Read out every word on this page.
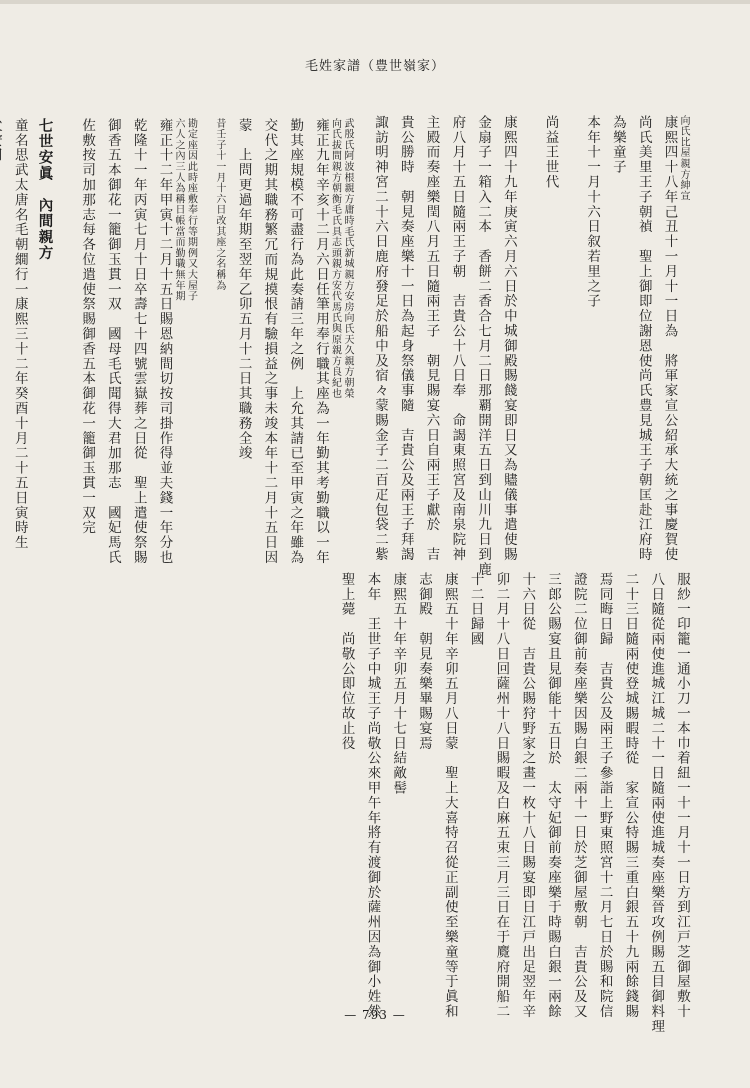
毛姓家譜（豊世嶺家）
向氏比屋親方紳宣
康熙四十八年己丑十一月十一日為　將軍家宣公紹承大統之事慶賀使
尚氏美里王子朝禎　聖上御即位謝恩使尚氏豊見城王子朝匡赴江府時
為樂童子
本年十一月十六日叙若里之子
尚益王世代
康熙四十九年庚寅六月六日於中城御殿賜餞宴即日又為贐儀事遣使賜
金扇子一箱入二本　香餅二香合七月二日那覇開洋五日到山川九日到鹿
府八月十五日隨兩王子朝　吉貴公十八日奉　命謁東照宮及南泉院神
主殿而奏座樂閏八月五日隨兩王子　朝見賜宴六日自兩王子獻於　吉
貴公勝時　朝見奏座樂十一日為起身祭儀事隨　吉貴公及兩王子拜謁
諏訪明神宮二十六日鹿府發足於船中及宿々蒙賜金子二百疋包袋二紫
服紗一印籠一通小刀一本巾着紐一十一月十一日方到江戸芝御屋敷十
八日隨從兩使進城江城二十一日隨兩使進城奏座樂晉攻例賜五目御料理
二十三日隨兩使登城賜暇時從　家宣公特賜三重白銀五十九兩餘錢賜
焉同晦日歸　吉貴公及兩王子參詣上野東照宮十二月七日於賜和院信
證院二位御前奏座樂因賜白銀二兩十一日於芝御屋敷朝　吉貴公及又
三郎公賜宴且見御能十五日於　太守妃御前奏座樂于時賜白銀一兩餘
十六日從　吉貴公賜狩野家之畫一枚十八日賜宴即日江戸出足翌年辛
卯二月十八日回薩州十八日賜暇及白麻五束三月三日在于麑府開船二
十二日歸國
康熙五十年辛卯五月八日蒙　聖上大喜特召從正副使至樂童等于眞和
志御殿　朝見奏樂畢賜宴焉
康熙五十年辛卯五月十七日結敵髻
本年　王世子中城王子尚敬公來甲午年將有渡御於薩州因為御小姓然
聖上薨　尚敬公即位故止役
武殷氏阿波根親方庸時毛氏新城親方安房向氏天久親方朝榮
向氏拔間親方朝衡毛氏具志頭親方安代馬氏與原親方良紀也
雍正九年辛亥十二月六日任筆用奉行職其座為一年勤其考勤職以一年
勤其座規模不可盡行為此奏請三年之例　上允其請已至甲寅之年雖為
交代之期其職務繁冗而規摸恨有驗損益之事未竣本年十二月十五日因
蒙　上問更過年期至翌年乙卯五月十二日其職務全竣
昔壬子十一月十六日改其座之名稱為
勘定座因此時座敷奉行等期例又大屋子
六人之內三人為稱日帳當而勤職無年期
雍正十二年甲寅十二月十五日賜恩納間切按司掛作得並夫錢一年分也
乾隆十一年丙寅七月十日卒壽七十四號雲嶽葬之日從　聖上遣使祭賜
御香五本御花一籠御玉貫一双　國母毛氏聞得大君加那志　國妃馬氏
佐敷按司加那志每各位遣使祭賜御香五本御花一籠御玉貫一双完
七世安眞　內間親方
童名思武太唐名毛朝繝行一康熙三十二年癸酉十月二十五日寅時生
— 793 —
